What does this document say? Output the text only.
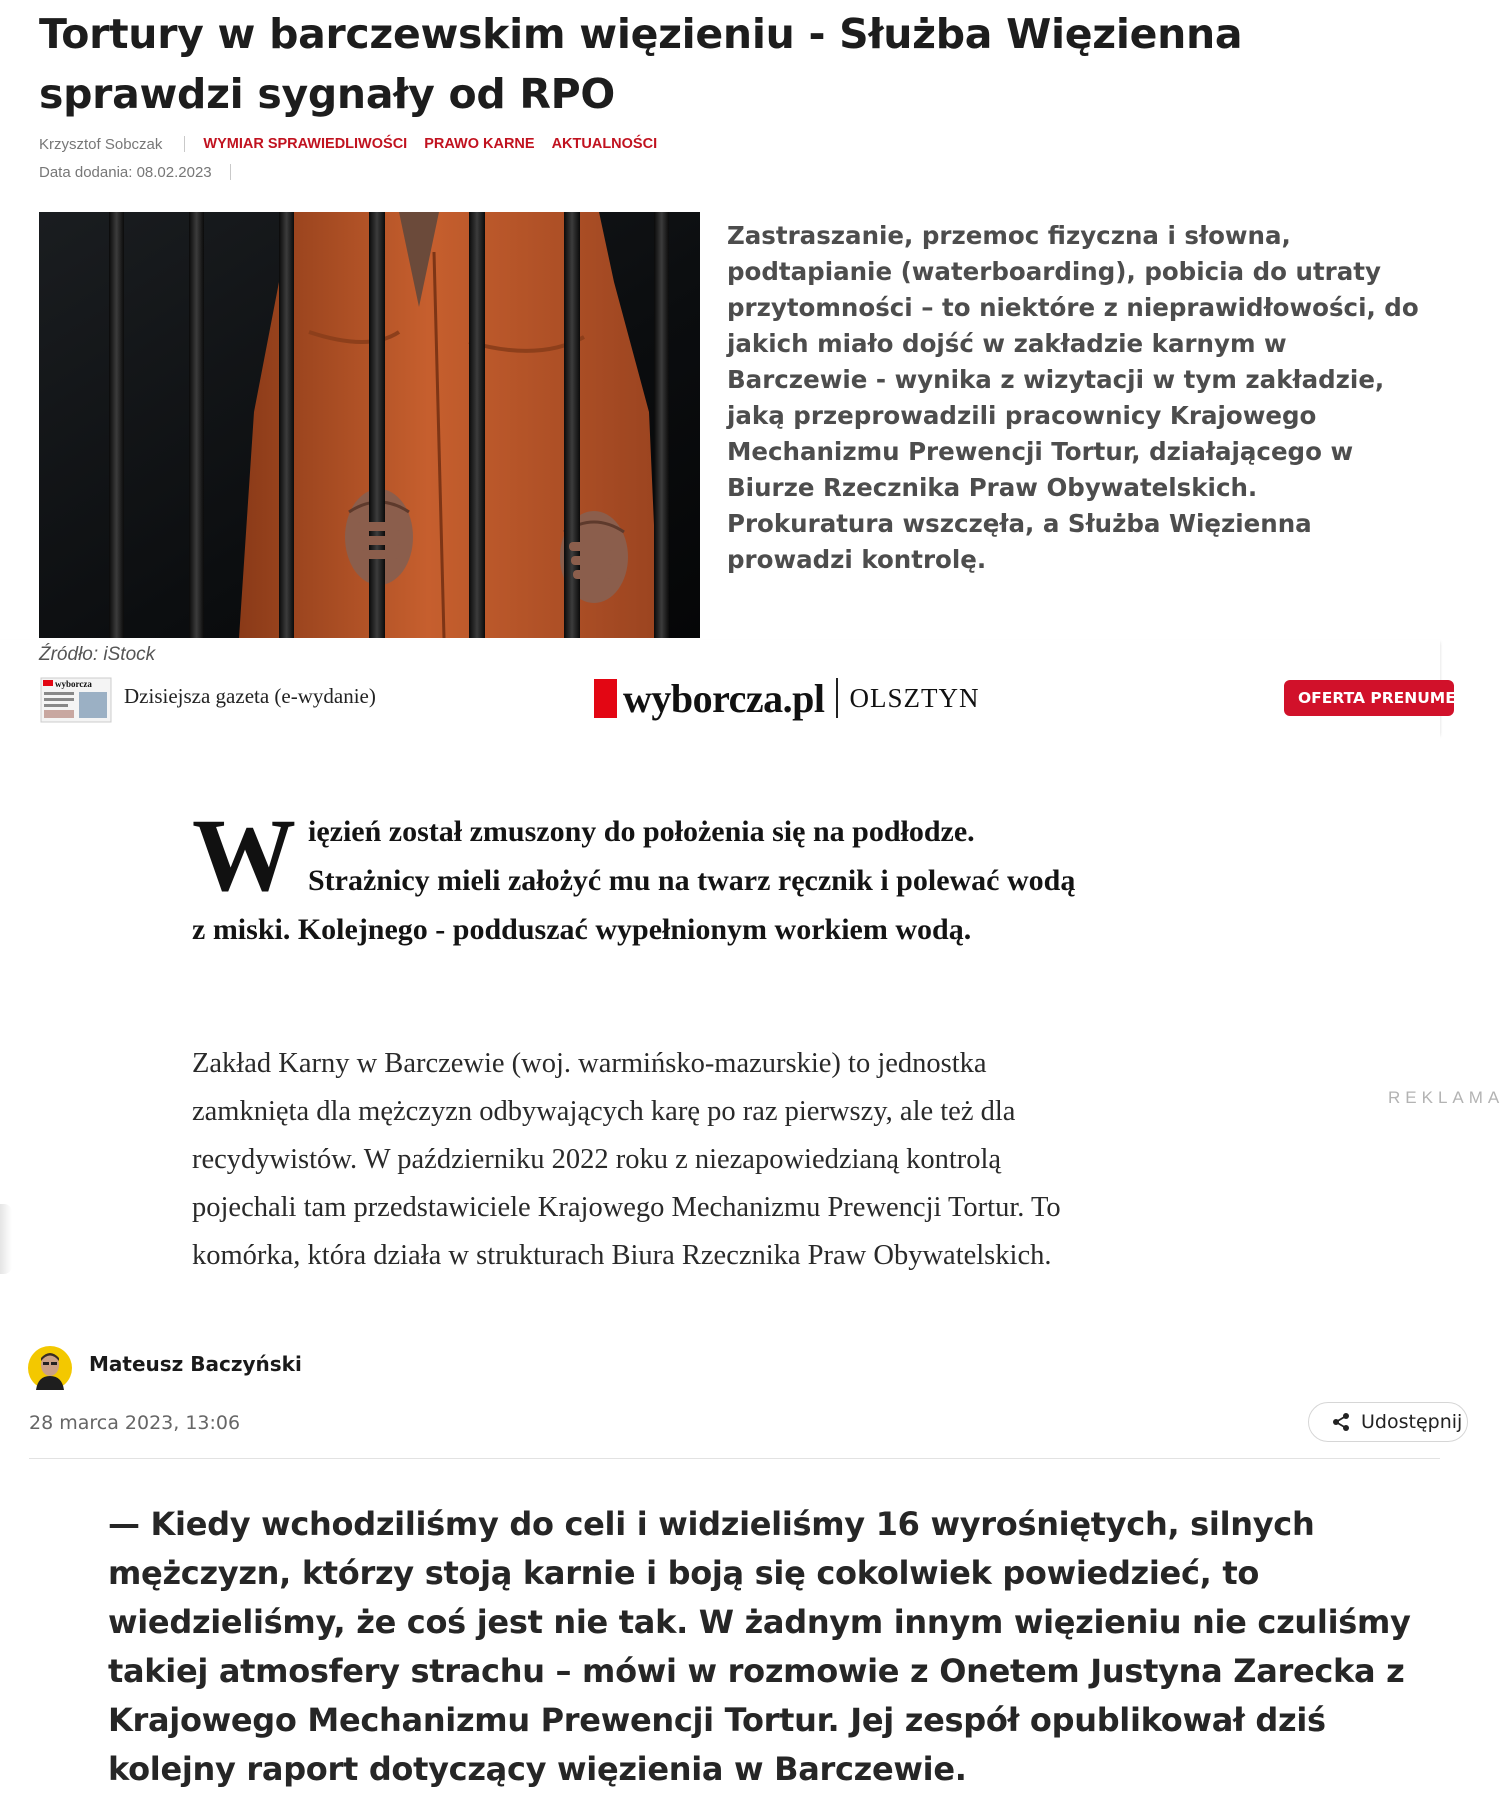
Tortury w barczewskim więzieniu - Służba Więzienna sprawdzi sygnały od RPO
Krzysztof Sobczak	WYMIAR SPRAWIEDLIWOŚCI PRAWO KARNE AKTUALNOŚCI
Data dodania: 08.02.2023

Zastraszanie, przemoc fizyczna i słowna, podtapianie (waterboarding), pobicia do utraty przytomności – to niektóre z nieprawidłowości, do jakich miało dojść w zakładzie karnym w Barczewie - wynika z wizytacji w tym zakładzie, jaką przeprowadzili pracownicy Krajowego Mechanizmu Prewencji Tortur, działającego w Biurze Rzecznika Praw Obywatelskich. Prokuratura wszczęła, a Służba Więzienna prowadzi kontrolę.

Źródło: iStock
wyborcza Dzisiejsza gazeta (e-wydanie)	wyborcza.pl OLSZTYN	OFERTA PRENUMERATY

Więzień został zmuszony do położenia się na podłodze. Strażnicy mieli założyć mu na twarz ręcznik i polewać wodą z miski. Kolejnego - podduszać wypełnionym workiem wodą.

Zakład Karny w Barczewie (woj. warmińsko-mazurskie) to jednostka zamknięta dla mężczyzn odbywających karę po raz pierwszy, ale też dla recydywistów. W październiku 2022 roku z niezapowiedzianą kontrolą pojechali tam przedstawiciele Krajowego Mechanizmu Prewencji Tortur. To komórka, która działa w strukturach Biura Rzecznika Praw Obywatelskich.

REKLAMA
Mateusz Baczyński
28 marca 2023, 13:06	Udostępnij

— Kiedy wchodziliśmy do celi i widzieliśmy 16 wyrośniętych, silnych mężczyzn, którzy stoją karnie i boją się cokolwiek powiedzieć, to wiedzieliśmy, że coś jest nie tak. W żadnym innym więzieniu nie czuliśmy takiej atmosfery strachu – mówi w rozmowie z Onetem Justyna Zarecka z Krajowego Mechanizmu Prewencji Tortur. Jej zespół opublikował dziś kolejny raport dotyczący więzienia w Barczewie.
